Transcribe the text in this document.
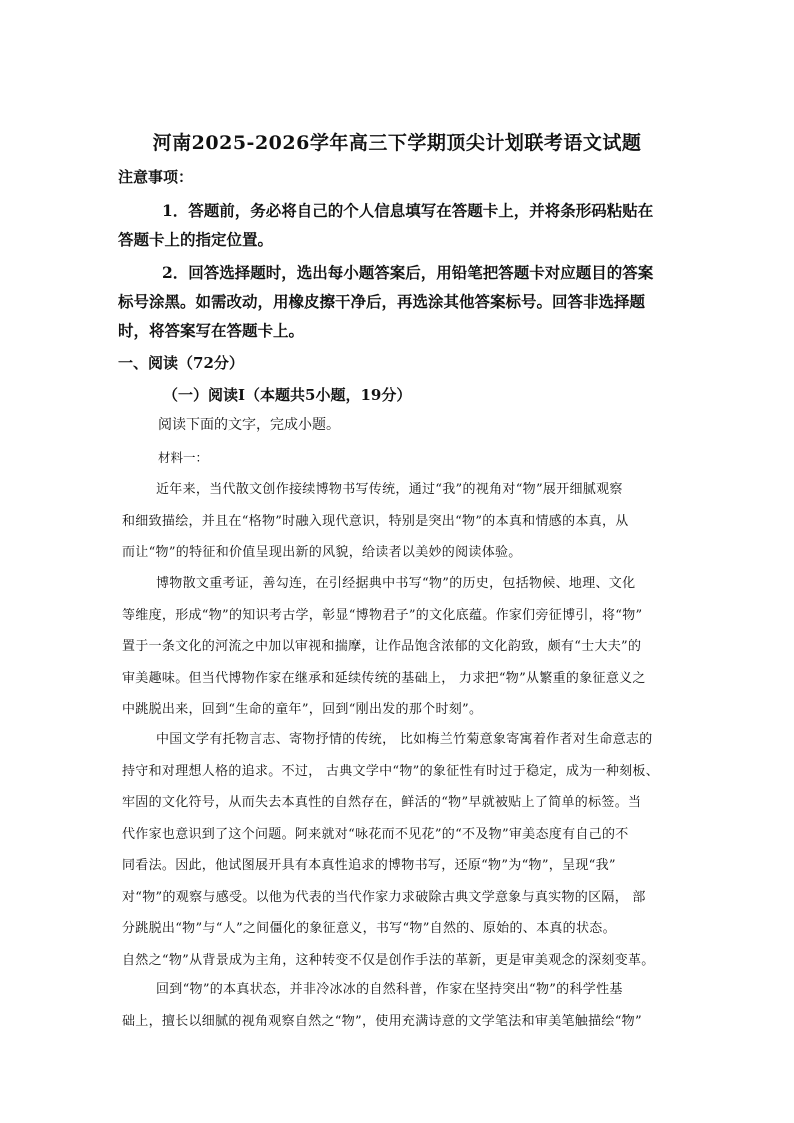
河南2025-2026学年高三下学期顶尖计划联考语文试题
注意事项：
1．答题前，务必将自己的个人信息填写在答题卡上，并将条形码粘贴在
答题卡上的指定位置。
2．回答选择题时，选出每小题答案后，用铅笔把答题卡对应题目的答案
标号涂黑。如需改动，用橡皮擦干净后，再选涂其他答案标号。回答非选择题
时，将答案写在答题卡上。
一、阅读（72分）
（一）阅读I（本题共5小题，19分）
阅读下面的文字，完成小题。
材料一：
近年来，当代散文创作接续博物书写传统，通过“我”的视角对“物”展开细腻观察
和细致描绘，并且在“格物”时融入现代意识，特别是突出“物”的本真和情感的本真，从
而让“物”的特征和价值呈现出新的风貌，给读者以美妙的阅读体验。
博物散文重考证，善勾连，在引经据典中书写“物”的历史，包括物候、地理、文化
等维度，形成“物”的知识考古学，彰显“博物君子”的文化底蕴。作家们旁征博引，将“物”
置于一条文化的河流之中加以审视和揣摩，让作品饱含浓郁的文化韵致，颇有“士大夫”的
审美趣味。但当代博物作家在继承和延续传统的基础上， 力求把“物”从繁重的象征意义之
中跳脱出来，回到“生命的童年”，回到“刚出发的那个时刻”。
中国文学有托物言志、寄物抒情的传统， 比如梅兰竹菊意象寄寓着作者对生命意志的
持守和对理想人格的追求。不过， 古典文学中“物”的象征性有时过于稳定，成为一种刻板、
牢固的文化符号，从而失去本真性的自然存在，鲜活的“物”早就被贴上了简单的标签。当
代作家也意识到了这个问题。阿来就对“咏花而不见花”的“不及物”审美态度有自己的不
同看法。因此，他试图展开具有本真性追求的博物书写，还原“物”为“物”，呈现“我”
对“物”的观察与感受。以他为代表的当代作家力求破除古典文学意象与真实物的区隔， 部
分跳脱出“物”与“人”之间僵化的象征意义，书写“物”自然的、原始的、本真的状态。
自然之“物”从背景成为主角，这种转变不仅是创作手法的革新，更是审美观念的深刻变革。
回到“物”的本真状态，并非冷冰冰的自然科普，作家在坚持突出“物”的科学性基
础上，擅长以细腻的视角观察自然之“物”，使用充满诗意的文学笔法和审美笔触描绘“物”
